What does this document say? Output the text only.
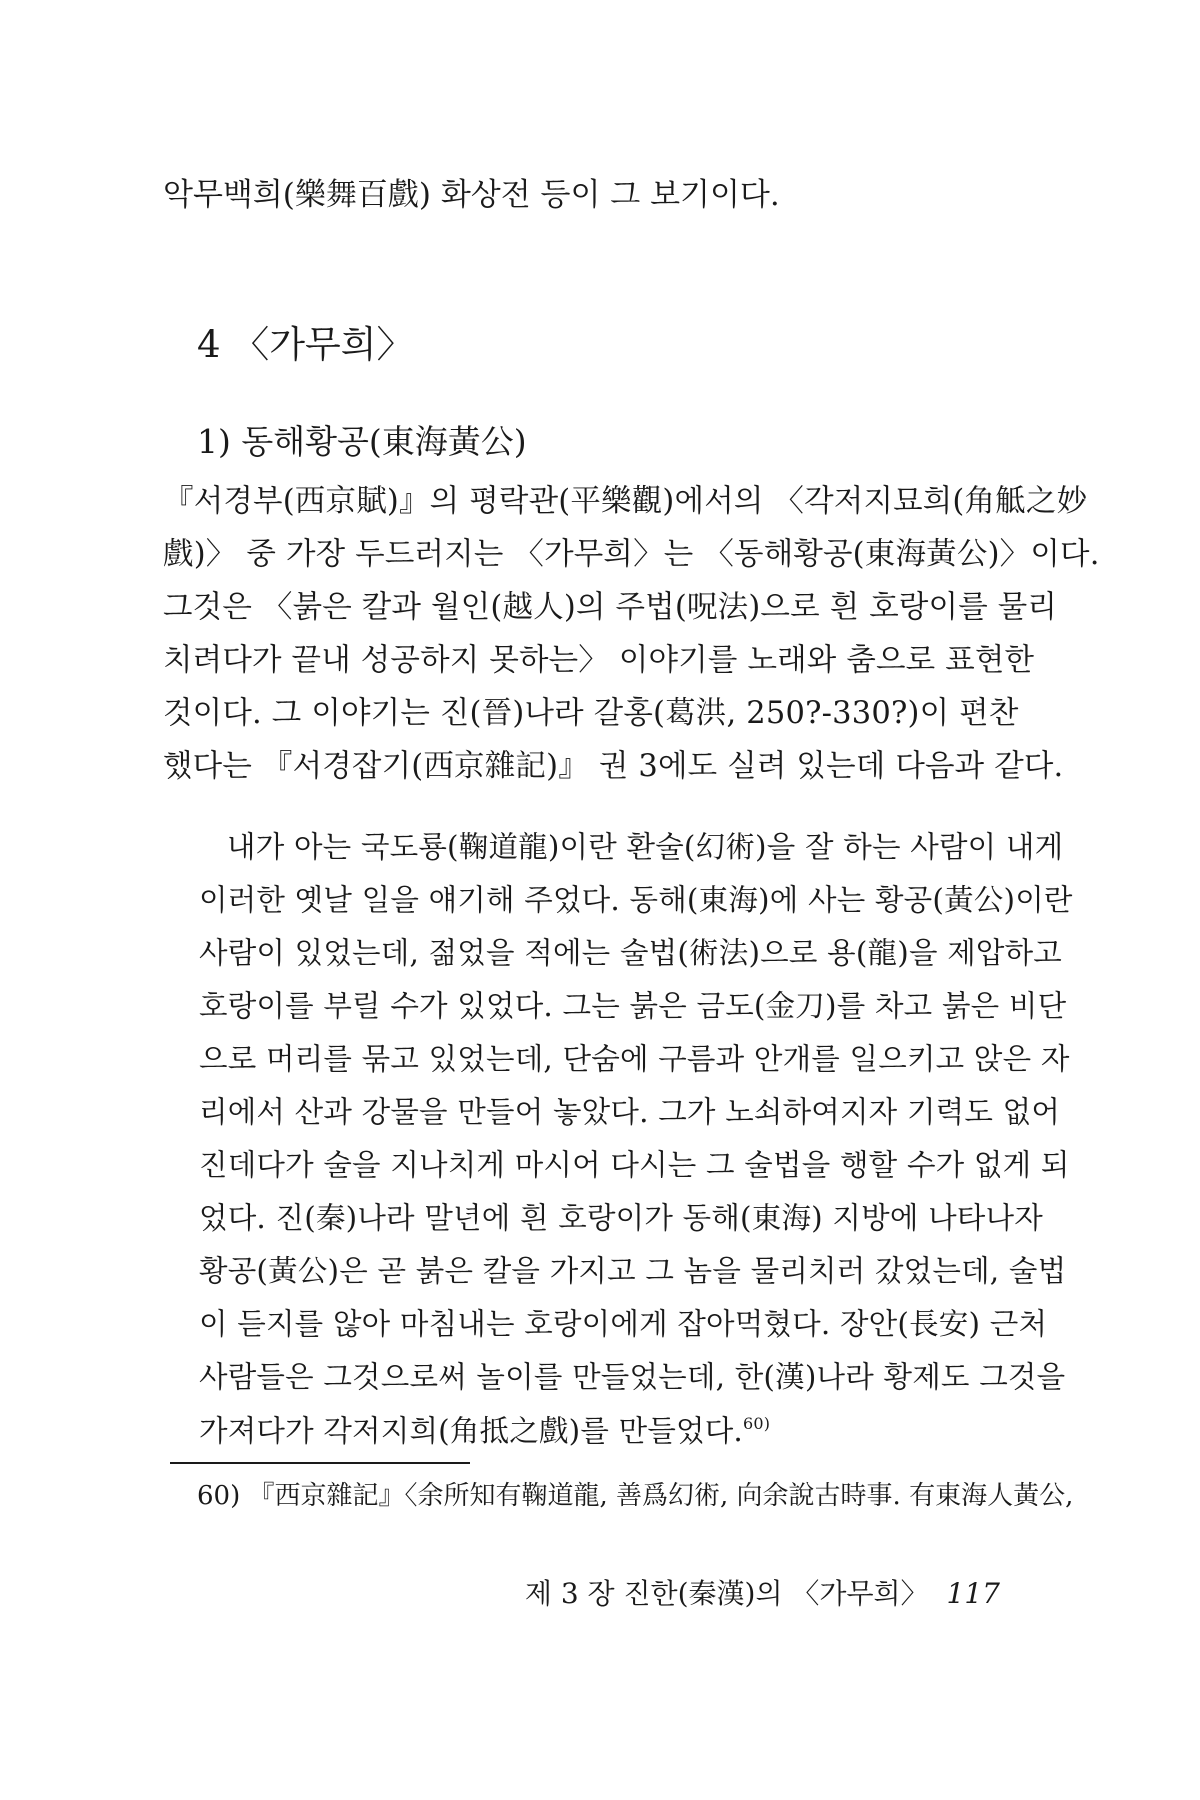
악무백희(樂舞百戲) 화상전 등이 그 보기이다.
4 〈가무희〉
1) 동해황공(東海黃公)
『서경부(西京賦)』의 평락관(平樂觀)에서의 〈각저지묘희(角觝之妙
戲)〉 중 가장 두드러지는 〈가무희〉는 〈동해황공(東海黃公)〉이다.
그것은 〈붉은 칼과 월인(越人)의 주법(呪法)으로 흰 호랑이를 물리
치려다가 끝내 성공하지 못하는〉 이야기를 노래와 춤으로 표현한
것이다. 그 이야기는 진(晉)나라 갈홍(葛洪, 250?-330?)이 편찬
했다는 『서경잡기(西京雜記)』 권 3에도 실려 있는데 다음과 같다.
내가 아는 국도룡(鞠道龍)이란 환술(幻術)을 잘 하는 사람이 내게
이러한 옛날 일을 얘기해 주었다. 동해(東海)에 사는 황공(黃公)이란
사람이 있었는데, 젊었을 적에는 술법(術法)으로 용(龍)을 제압하고
호랑이를 부릴 수가 있었다. 그는 붉은 금도(金刀)를 차고 붉은 비단
으로 머리를 묶고 있었는데, 단숨에 구름과 안개를 일으키고 앉은 자
리에서 산과 강물을 만들어 놓았다. 그가 노쇠하여지자 기력도 없어
진데다가 술을 지나치게 마시어 다시는 그 술법을 행할 수가 없게 되
었다. 진(秦)나라 말년에 흰 호랑이가 동해(東海) 지방에 나타나자
황공(黃公)은 곧 붉은 칼을 가지고 그 놈을 물리치러 갔었는데, 술법
이 듣지를 않아 마침내는 호랑이에게 잡아먹혔다. 장안(長安) 근처
사람들은 그것으로써 놀이를 만들었는데, 한(漢)나라 황제도 그것을
가져다가 각저지희(角抵之戲)를 만들었다.$^{60)}$
60) 『西京雜記』〈余所知有鞠道龍, 善爲幻術, 向余說古時事. 有東海人黃公,
제 3 장 진한(秦漢)의 〈가무희〉 117
